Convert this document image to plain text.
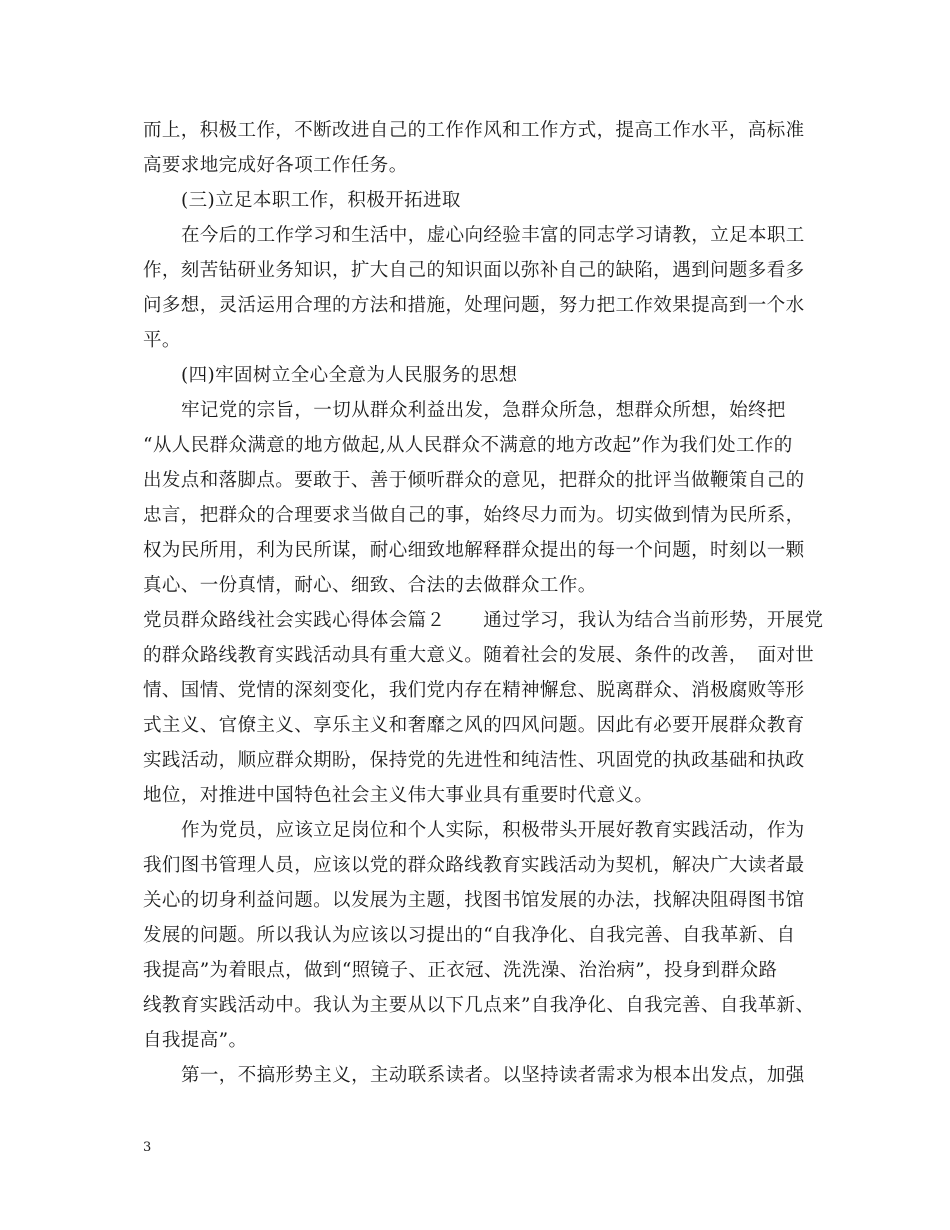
而上，积极工作，不断改进自己的工作作风和工作方式，提高工作水平，高标准
高要求地完成好各项工作任务。
(三)立足本职工作，积极开拓进取
在今后的工作学习和生活中，虚心向经验丰富的同志学习请教，立足本职工
作，刻苦钻研业务知识，扩大自己的知识面以弥补自己的缺陷，遇到问题多看多
问多想，灵活运用合理的方法和措施，处理问题，努力把工作效果提高到一个水
平。
(四)牢固树立全心全意为人民服务的思想
牢记党的宗旨，一切从群众利益出发，急群众所急，想群众所想，始终把
“从人民群众满意的地方做起,从人民群众不满意的地方改起”作为我们处工作的
出发点和落脚点。要敢于、善于倾听群众的意见，把群众的批评当做鞭策自己的
忠言，把群众的合理要求当做自己的事，始终尽力而为。切实做到情为民所系，
权为民所用，利为民所谋，耐心细致地解释群众提出的每一个问题，时刻以一颗
真心、一份真情，耐心、细致、合法的去做群众工作。
党员群众路线社会实践心得体会篇２　　通过学习，我认为结合当前形势，开展党
的群众路线教育实践活动具有重大意义。随着社会的发展、条件的改善，　面对世
情、国情、党情的深刻变化，我们党内存在精神懈怠、脱离群众、消极腐败等形
式主义、官僚主义、享乐主义和奢靡之风的四风问题。因此有必要开展群众教育
实践活动，顺应群众期盼，保持党的先进性和纯洁性、巩固党的执政基础和执政
地位，对推进中国特色社会主义伟大事业具有重要时代意义。
作为党员，应该立足岗位和个人实际，积极带头开展好教育实践活动，作为
我们图书管理人员，应该以党的群众路线教育实践活动为契机，解决广大读者最
关心的切身利益问题。以发展为主题，找图书馆发展的办法，找解决阻碍图书馆
发展的问题。所以我认为应该以习提出的“自我净化、自我完善、自我革新、自
我提高”为着眼点，做到“照镜子、正衣冠、洗洗澡、治治病”，投身到群众路
线教育实践活动中。我认为主要从以下几点来”自我净化、自我完善、自我革新、
自我提高”。
第一，不搞形势主义，主动联系读者。以坚持读者需求为根本出发点，加强
3
